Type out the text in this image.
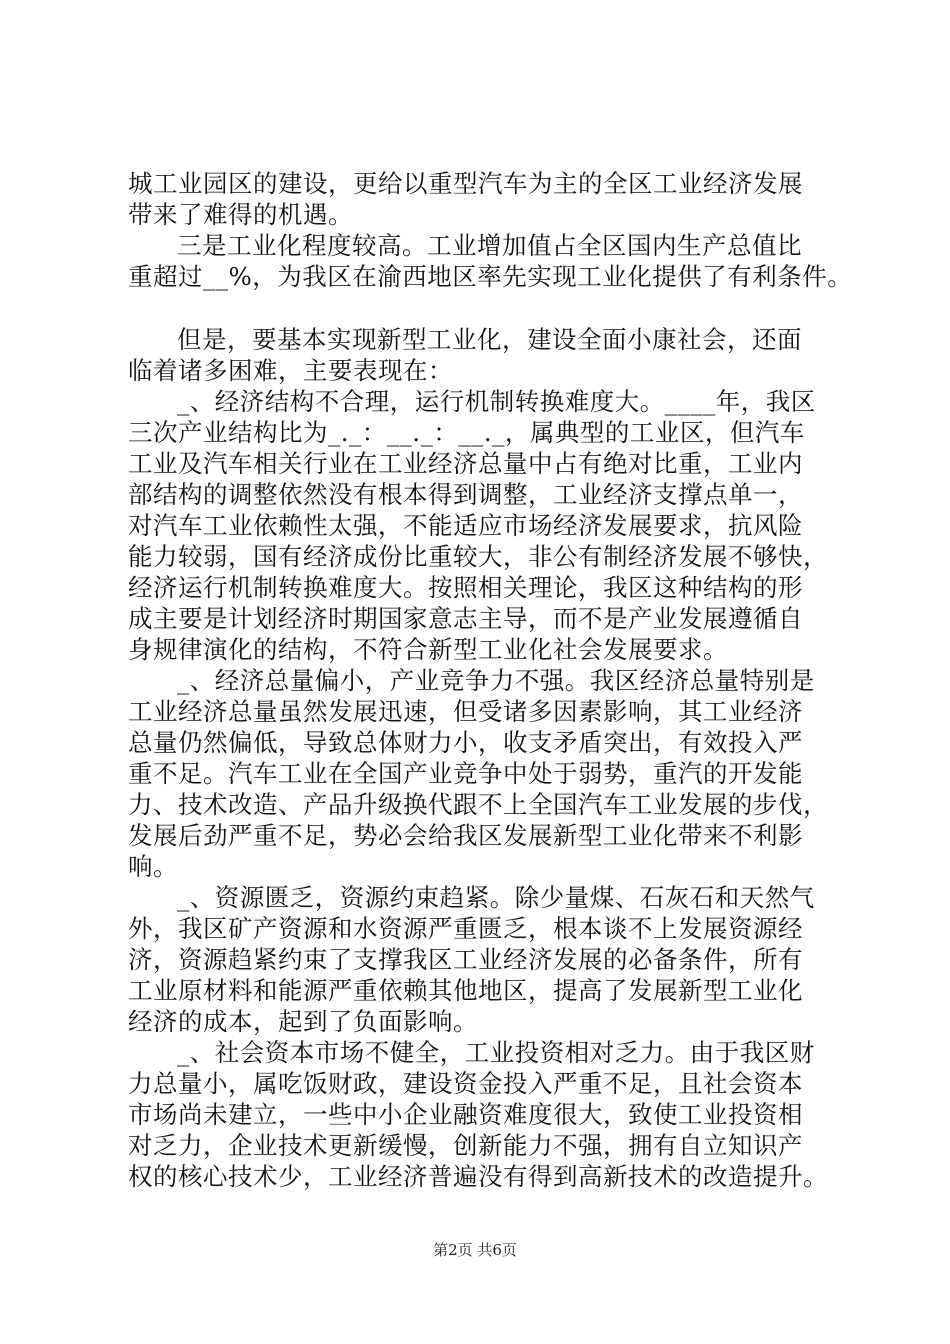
城工业园区的建设，更给以重型汽车为主的全区工业经济发展
带来了难得的机遇。
三是工业化程度较高。工业增加值占全区国内生产总值比
重超过__%，为我区在渝西地区率先实现工业化提供了有利条件。
但是，要基本实现新型工业化，建设全面小康社会，还面
临着诸多困难，主要表现在：
_、经济结构不合理，运行机制转换难度大。____年，我区
三次产业结构比为_._：__._：__._，属典型的工业区，但汽车
工业及汽车相关行业在工业经济总量中占有绝对比重，工业内
部结构的调整依然没有根本得到调整，工业经济支撑点单一，
对汽车工业依赖性太强，不能适应市场经济发展要求，抗风险
能力较弱，国有经济成份比重较大，非公有制经济发展不够快，
经济运行机制转换难度大。按照相关理论，我区这种结构的形
成主要是计划经济时期国家意志主导，而不是产业发展遵循自
身规律演化的结构，不符合新型工业化社会发展要求。
_、经济总量偏小，产业竞争力不强。我区经济总量特别是
工业经济总量虽然发展迅速，但受诸多因素影响，其工业经济
总量仍然偏低，导致总体财力小，收支矛盾突出，有效投入严
重不足。汽车工业在全国产业竞争中处于弱势，重汽的开发能
力、技术改造、产品升级换代跟不上全国汽车工业发展的步伐，
发展后劲严重不足，势必会给我区发展新型工业化带来不利影
响。
_、资源匮乏，资源约束趋紧。除少量煤、石灰石和天然气
外，我区矿产资源和水资源严重匮乏，根本谈不上发展资源经
济，资源趋紧约束了支撑我区工业经济发展的必备条件，所有
工业原材料和能源严重依赖其他地区，提高了发展新型工业化
经济的成本，起到了负面影响。
_、社会资本市场不健全，工业投资相对乏力。由于我区财
力总量小，属吃饭财政，建设资金投入严重不足，且社会资本
市场尚未建立，一些中小企业融资难度很大，致使工业投资相
对乏力，企业技术更新缓慢，创新能力不强，拥有自立知识产
权的核心技术少，工业经济普遍没有得到高新技术的改造提升。
第2页 共6页
